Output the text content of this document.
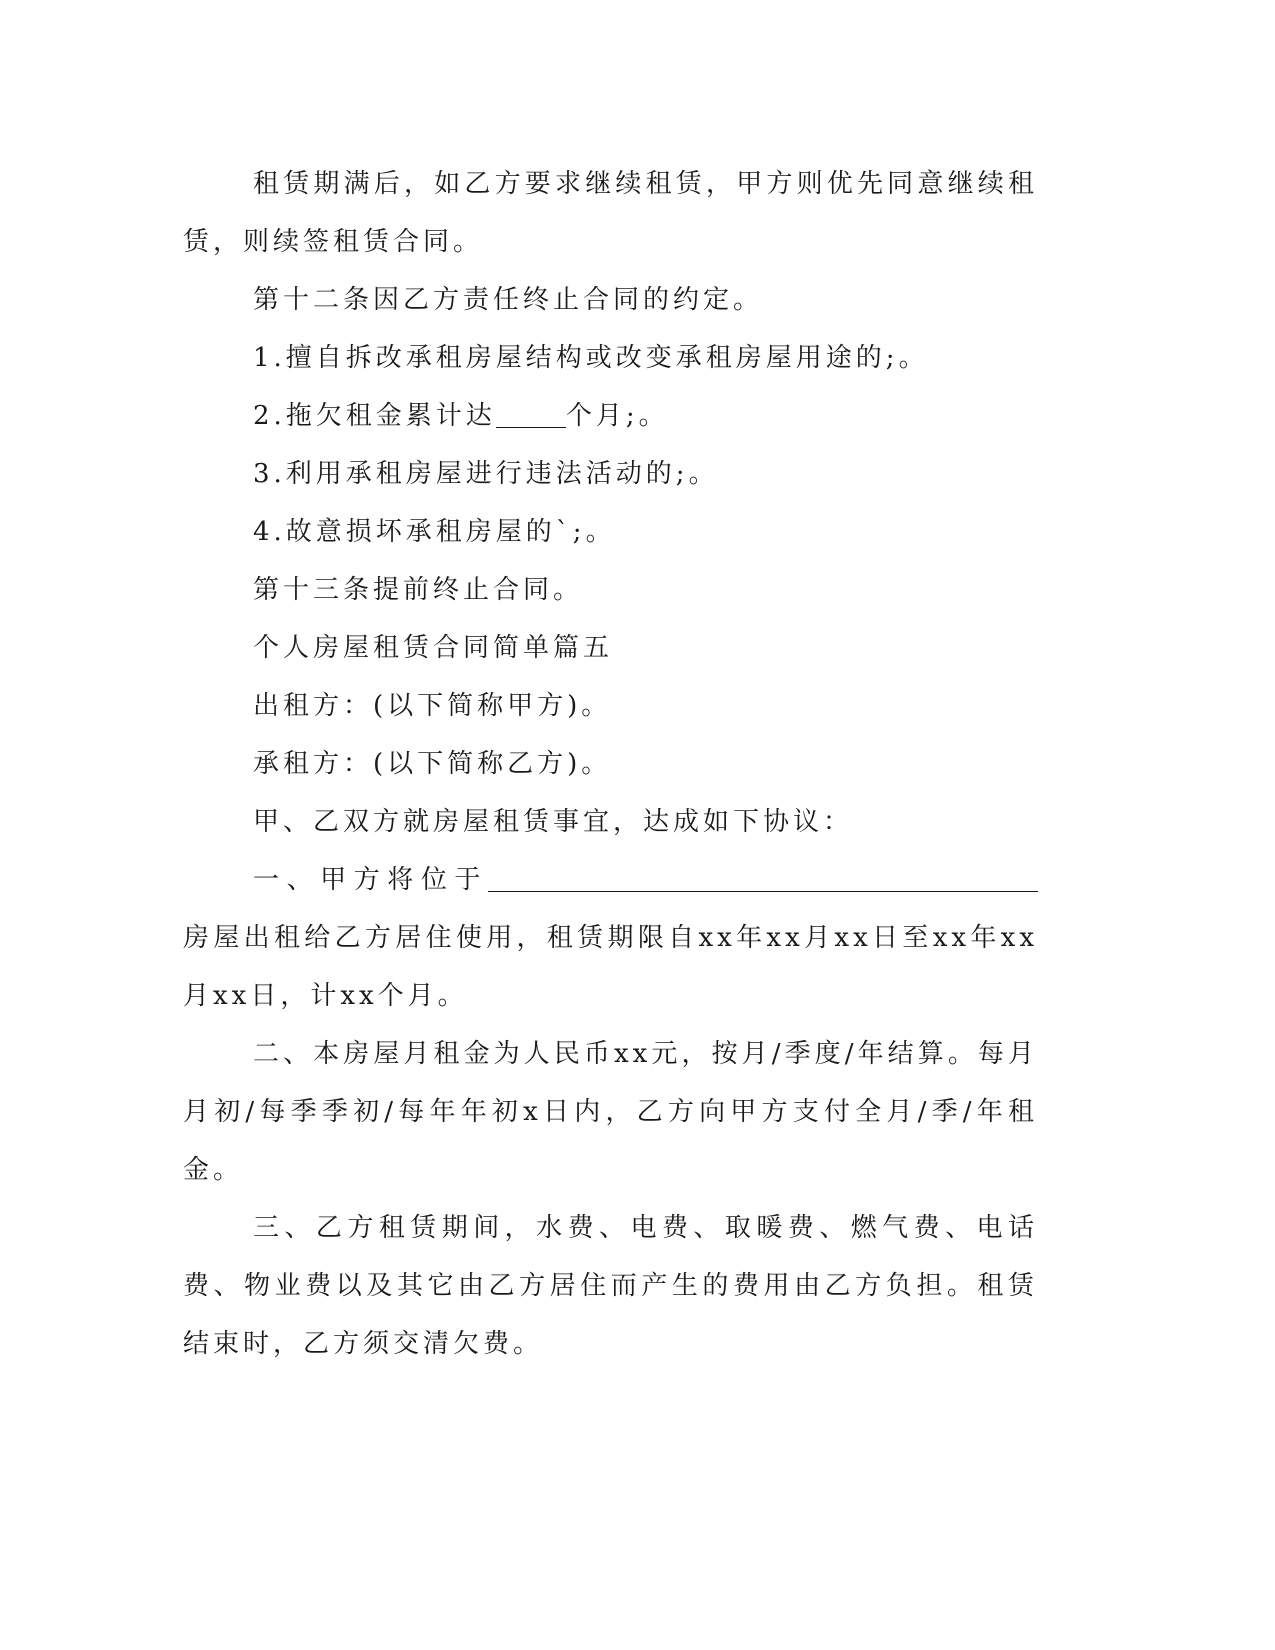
租赁期满后，如乙方要求继续租赁，甲方则优先同意继续租赁，则续签租赁合同。

第十二条因乙方责任终止合同的约定。

1.擅自拆改承租房屋结构或改变承租房屋用途的;。

2.拖欠租金累计达	个月;。

3.利用承租房屋进行违法活动的;。

4.故意损坏承租房屋的`;。

第十三条提前终止合同。

个人房屋租赁合同简单篇五

出租方：(以下简称甲方)。

承租方：(以下简称乙方)。

甲、乙双方就房屋租赁事宜，达成如下协议：

一、甲方将位于房屋出租给乙方居住使用，租赁期限自xx年xx月xx日至xx年xx月xx日，计xx个月。

二、本房屋月租金为人民币xx元，按月/季度/年结算。每月月初/每季季初/每年年初x日内，乙方向甲方支付全月/季/年租金。

三、乙方租赁期间，水费、电费、取暖费、燃气费、电话费、物业费以及其它由乙方居住而产生的费用由乙方负担。租赁结束时，乙方须交清欠费。
